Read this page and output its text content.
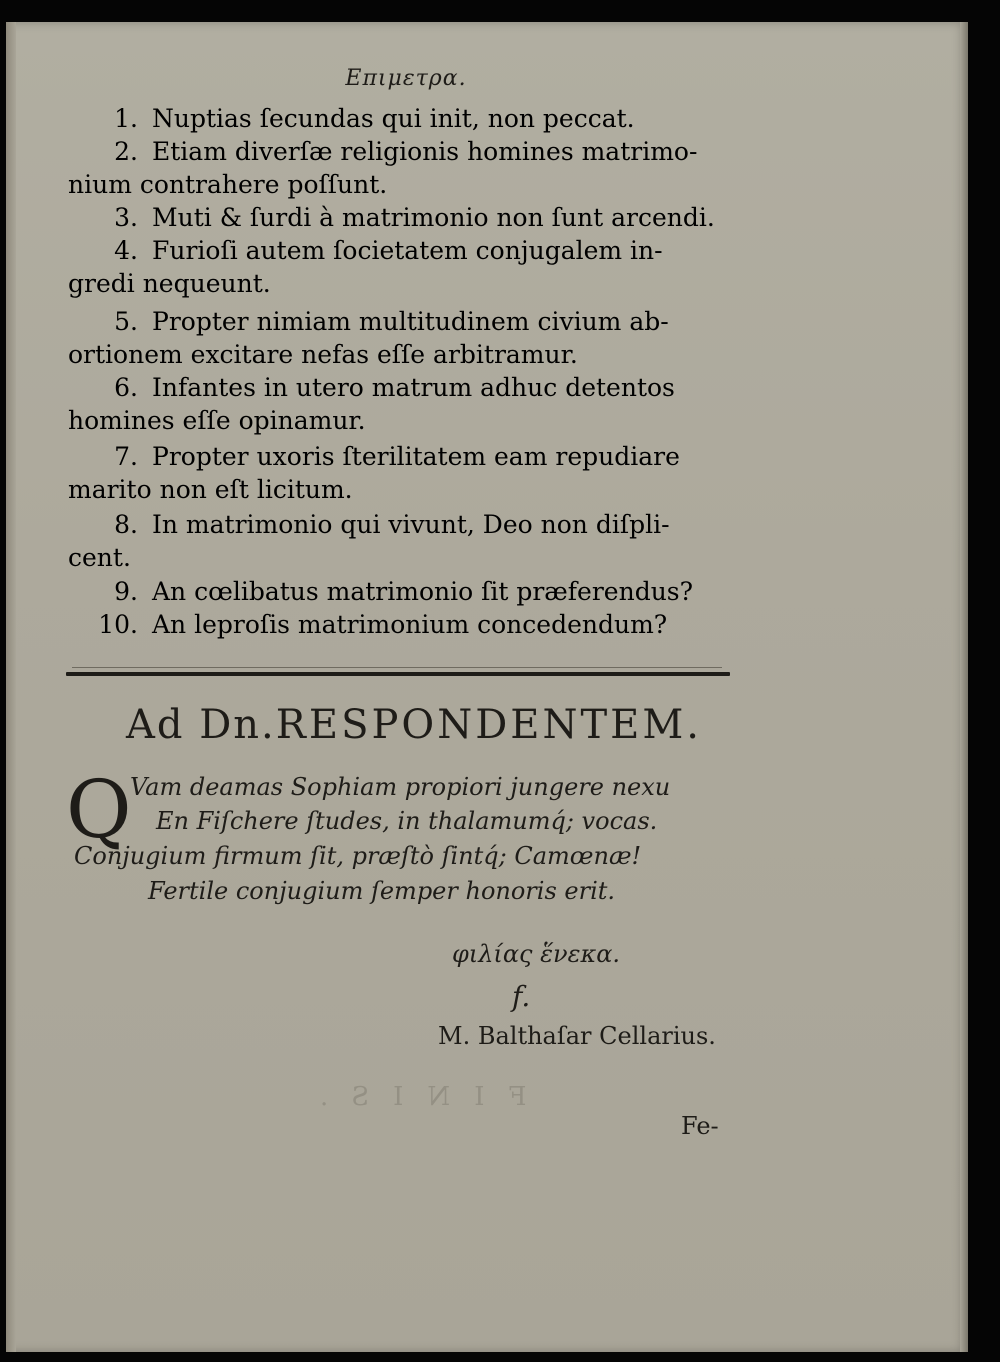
Επιμετρα.
1. Nuptias ſecundas qui init, non peccat.
2. Etiam diverſæ religionis homines matrimo-
nium contrahere poſſunt.
3. Muti & ſurdi à matrimonio non ſunt arcendi.
4. Furioſi autem ſocietatem conjugalem in-
gredi nequeunt.
5. Propter nimiam multitudinem civium ab-
ortionem excitare nefas eſſe arbitramur.
6. Infantes in utero matrum adhuc detentos
homines eſſe opinamur.
7. Propter uxoris ſterilitatem eam repudiare
marito non eſt licitum.
8. In matrimonio qui vivunt, Deo non diſpli-
cent.
9. An cœlibatus matrimonio ſit præferendus?
10. An leproſis matrimonium concedendum?
Ad Dn.RESPONDENTEM.
Q
Vam deamas Sophiam propiori jungere nexu
En Fiſchere ſtudes, in thalamumq́; vocas.
Conjugium firmum ſit, præſtò ſintq́; Camœnæ!
Fertile conjugium ſemper honoris erit.
φιλίας ἕνεκα.
f.
M. Balthaſar Cellarius.
FINIS.
Fe-
